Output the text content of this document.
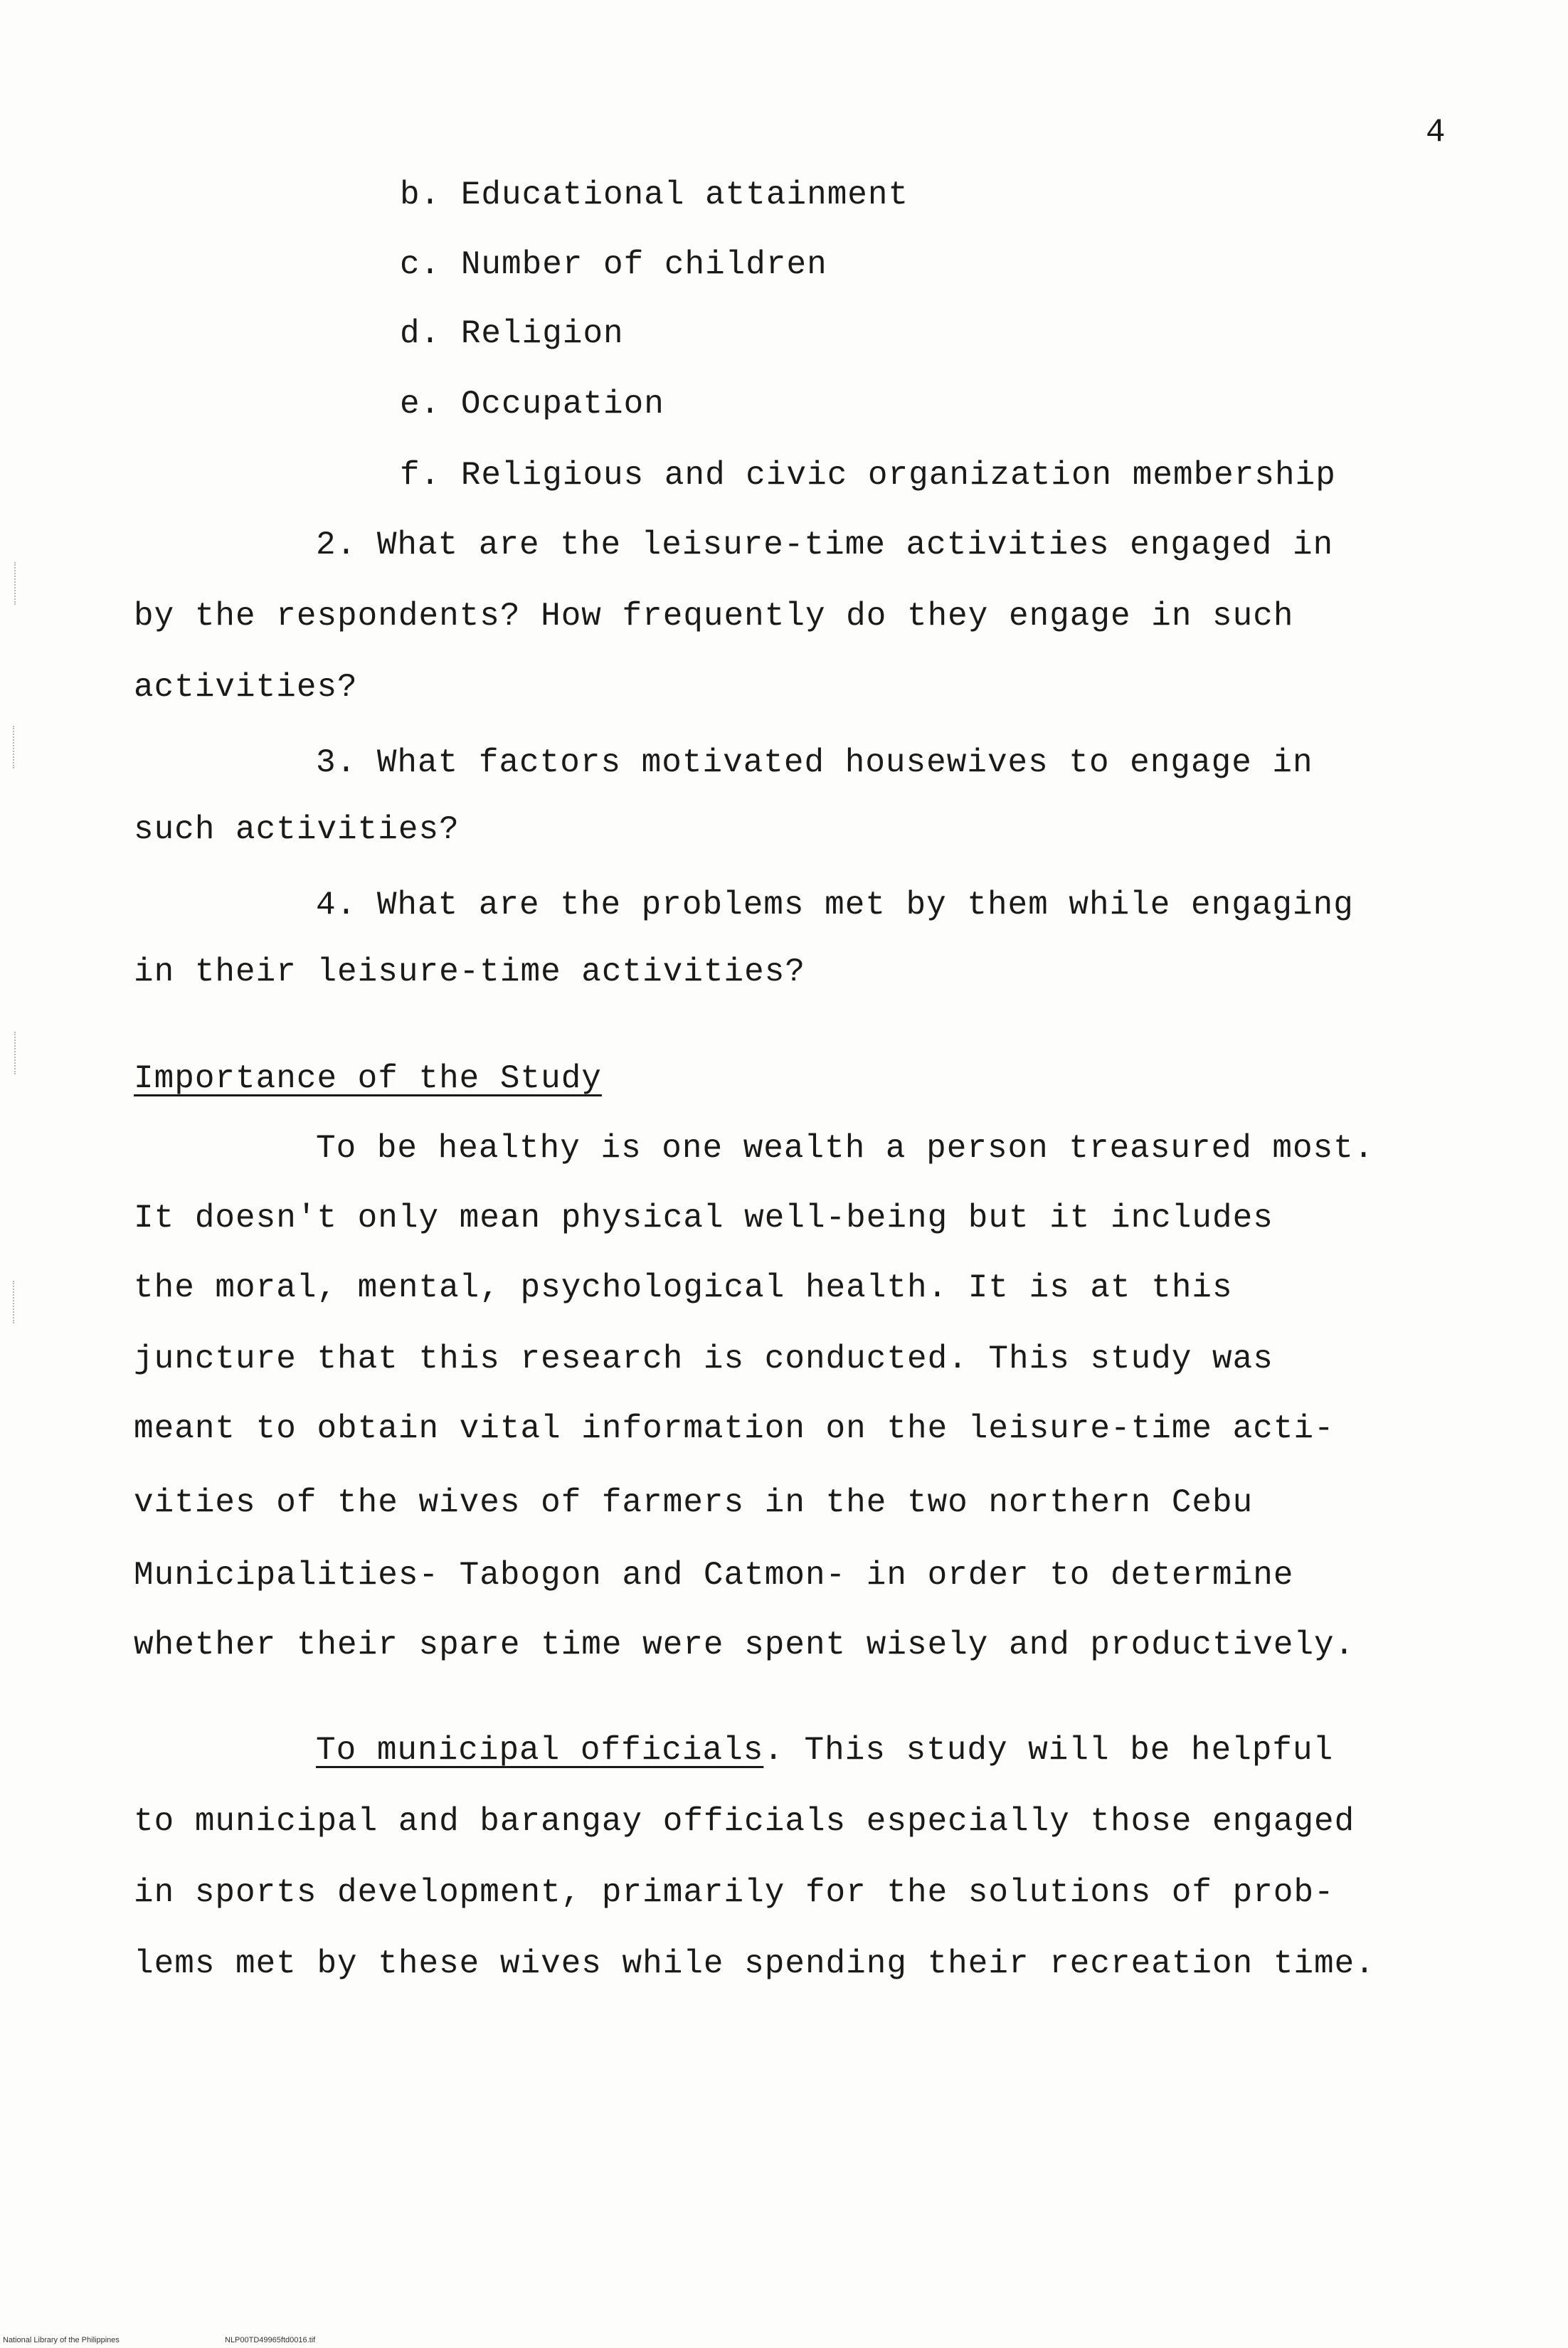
4
b. Educational attainment
c. Number of children
d. Religion
e. Occupation
f. Religious and civic organization membership
2. What are the leisure-time activities engaged in
by the respondents? How frequently do they engage in such
activities?
3. What factors motivated housewives to engage in
such activities?
4. What are the problems met by them while engaging
in their leisure-time activities?
Importance of the Study
To be healthy is one wealth a person treasured most.
It doesn't only mean physical well-being but it includes
the moral, mental, psychological health. It is at this
juncture that this research is conducted. This study was
meant to obtain vital information on the leisure-time acti-
vities of the wives of farmers in the two northern Cebu
Municipalities- Tabogon and Catmon- in order to determine
whether their spare time were spent wisely and productively.
To municipal officials. This study will be helpful
to municipal and barangay officials especially those engaged
in sports development, primarily for the solutions of prob-
lems met by these wives while spending their recreation time.
National Library of the Philippines	NLP00TD49965ftd0016.tif
